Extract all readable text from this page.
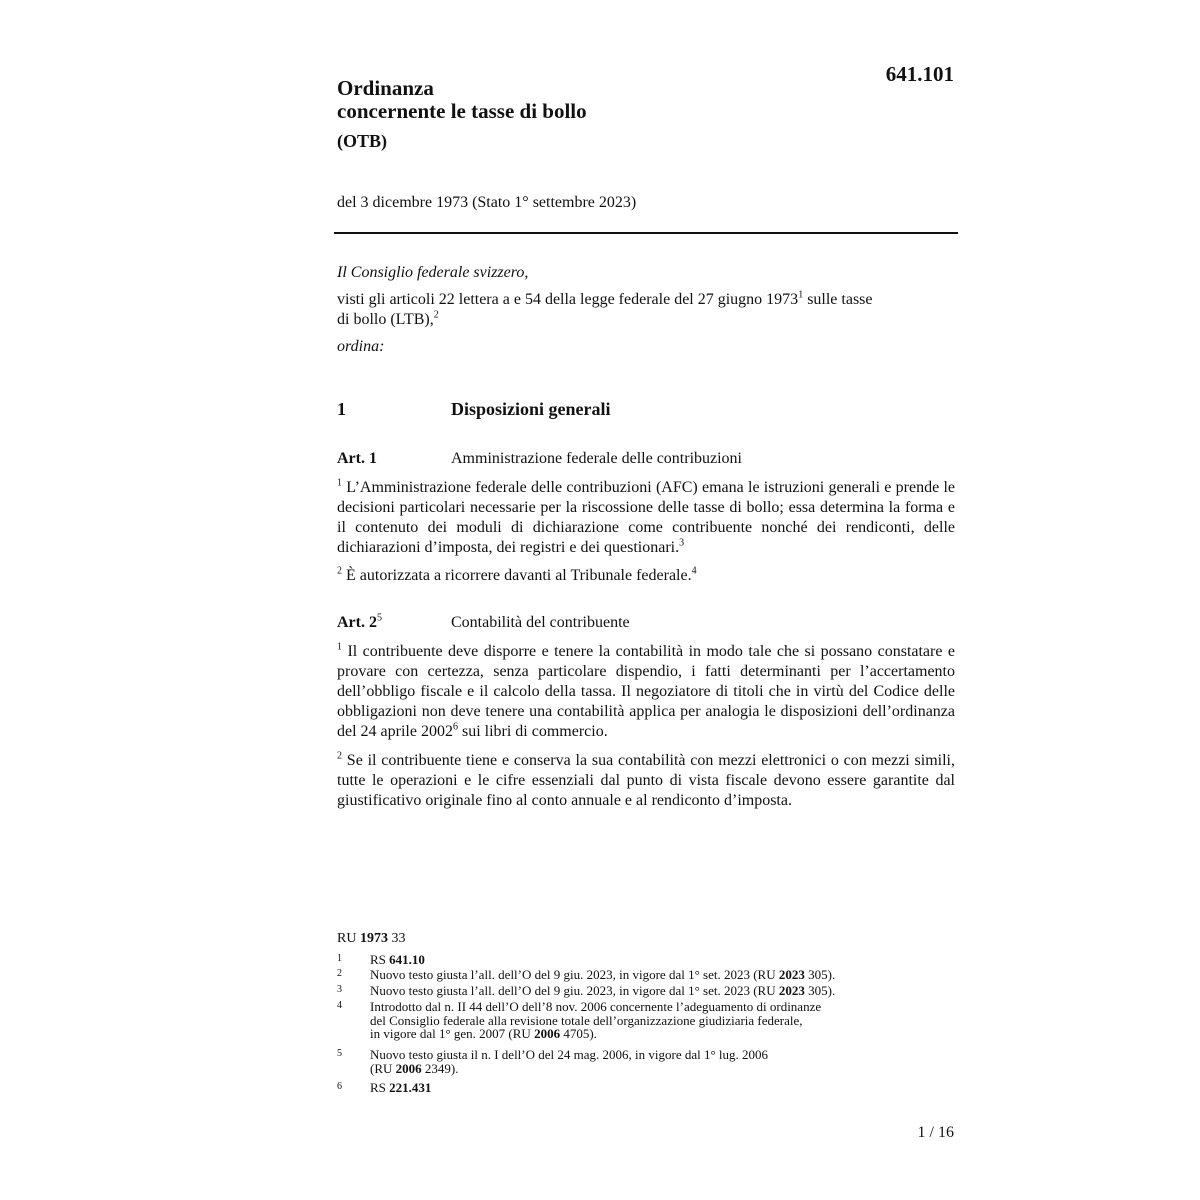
Ordinanza
concernente le tasse di bollo
(OTB)
641.101
del 3 dicembre 1973 (Stato 1° settembre 2023)
Il Consiglio federale svizzero,
visti gli articoli 22 lettera a e 54 della legge federale del 27 giugno 1973$^1$ sulle tasse
di bollo (LTB),$^2$
ordina:
1	Disposizioni generali
Art. 1	Amministrazione federale delle contribuzioni
$^1$ L’Amministrazione federale delle contribuzioni (AFC) emana le istruzioni generali e prende le decisioni particolari necessarie per la riscossione delle tasse di bollo; essa determina la forma e il contenuto dei moduli di dichiarazione come contribuente nonché dei rendiconti, delle dichiarazioni d’imposta, dei registri e dei questionari.$^3$
$^2$ È autorizzata a ricorrere davanti al Tribunale federale.$^4$
Art. $2^5$	Contabilità del contribuente
$^1$ Il contribuente deve disporre e tenere la contabilità in modo tale che si possano constatare e provare con certezza, senza particolare dispendio, i fatti determinanti per l’accertamento dell’obbligo fiscale e il calcolo della tassa. Il negoziatore di titoli che in virtù del Codice delle obbligazioni non deve tenere una contabilità applica per analogia le disposizioni dell’ordinanza del 24 aprile 2002$^6$ sui libri di commercio.
$^2$ Se il contribuente tiene e conserva la sua contabilità con mezzi elettronici o con mezzi simili, tutte le operazioni e le cifre essenziali dal punto di vista fiscale devono essere garantite dal giustificativo originale fino al conto annuale e al rendiconto d’imposta.
RU 1973 33
1 RS 641.10
2 Nuovo testo giusta l’all. dell’O del 9 giu. 2023, in vigore dal 1° set. 2023 (RU 2023 305).
3 Nuovo testo giusta l’all. dell’O del 9 giu. 2023, in vigore dal 1° set. 2023 (RU 2023 305).
4 Introdotto dal n. II 44 dell’O dell’8 nov. 2006 concernente l’adeguamento di ordinanze
del Consiglio federale alla revisione totale dell’organizzazione giudiziaria federale,
in vigore dal 1° gen. 2007 (RU 2006 4705).
5 Nuovo testo giusta il n. I dell’O del 24 mag. 2006, in vigore dal 1° lug. 2006
(RU 2006 2349).
6 RS 221.431
1 / 16
